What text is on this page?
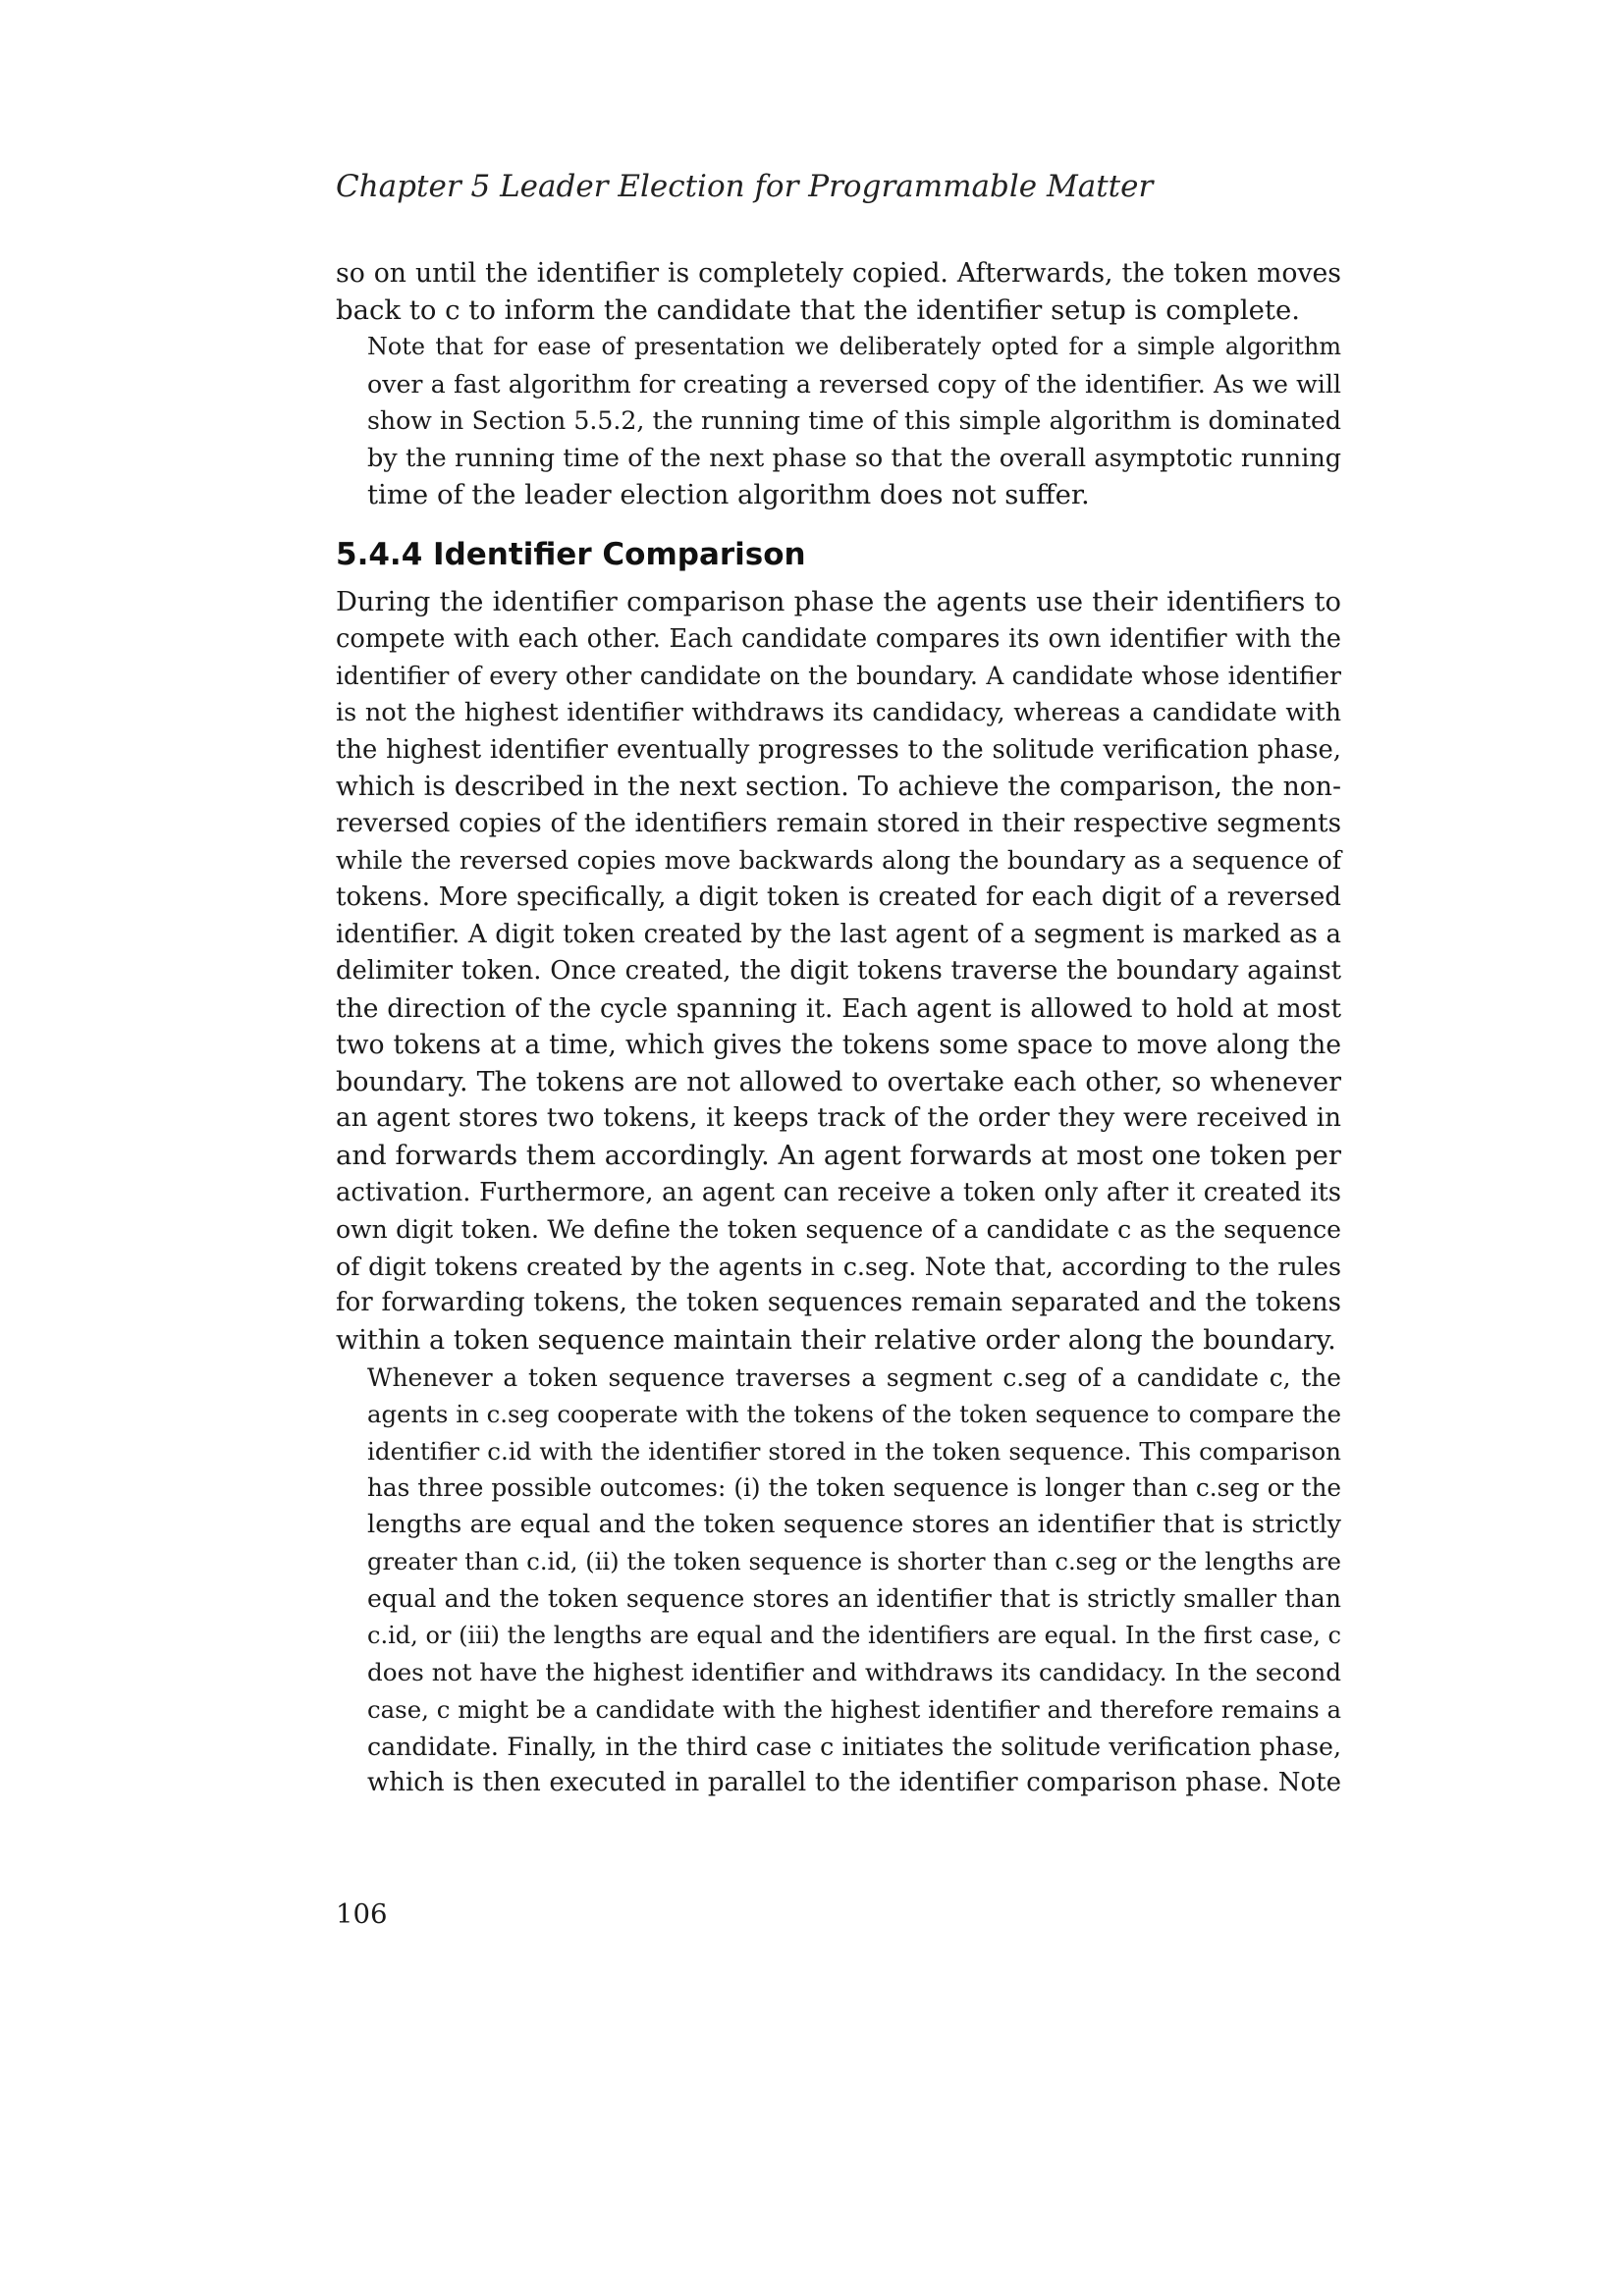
Chapter 5 Leader Election for Programmable Matter

so on until the identifier is completely copied. Afterwards, the token moves
back to c to inform the candidate that the identifier setup is complete.

Note that for ease of presentation we deliberately opted for a simple algorithm
over a fast algorithm for creating a reversed copy of the identifier. As we will
show in Section 5.5.2, the running time of this simple algorithm is dominated
by the running time of the next phase so that the overall asymptotic running
time of the leader election algorithm does not suffer.

5.4.4 Identifier Comparison

During the identifier comparison phase the agents use their identifiers to
compete with each other. Each candidate compares its own identifier with the
identifier of every other candidate on the boundary. A candidate whose identifier
is not the highest identifier withdraws its candidacy, whereas a candidate with
the highest identifier eventually progresses to the solitude verification phase,
which is described in the next section. To achieve the comparison, the non-
reversed copies of the identifiers remain stored in their respective segments
while the reversed copies move backwards along the boundary as a sequence of
tokens. More specifically, a digit token is created for each digit of a reversed
identifier. A digit token created by the last agent of a segment is marked as a
delimiter token. Once created, the digit tokens traverse the boundary against
the direction of the cycle spanning it. Each agent is allowed to hold at most
two tokens at a time, which gives the tokens some space to move along the
boundary. The tokens are not allowed to overtake each other, so whenever
an agent stores two tokens, it keeps track of the order they were received in
and forwards them accordingly. An agent forwards at most one token per
activation. Furthermore, an agent can receive a token only after it created its
own digit token. We define the token sequence of a candidate c as the sequence
of digit tokens created by the agents in c.seg. Note that, according to the rules
for forwarding tokens, the token sequences remain separated and the tokens
within a token sequence maintain their relative order along the boundary.

Whenever a token sequence traverses a segment c.seg of a candidate c, the
agents in c.seg cooperate with the tokens of the token sequence to compare the
identifier c.id with the identifier stored in the token sequence. This comparison
has three possible outcomes: (i) the token sequence is longer than c.seg or the
lengths are equal and the token sequence stores an identifier that is strictly
greater than c.id, (ii) the token sequence is shorter than c.seg or the lengths are
equal and the token sequence stores an identifier that is strictly smaller than
c.id, or (iii) the lengths are equal and the identifiers are equal. In the first case, c
does not have the highest identifier and withdraws its candidacy. In the second
case, c might be a candidate with the highest identifier and therefore remains a
candidate. Finally, in the third case c initiates the solitude verification phase,
which is then executed in parallel to the identifier comparison phase. Note

106
